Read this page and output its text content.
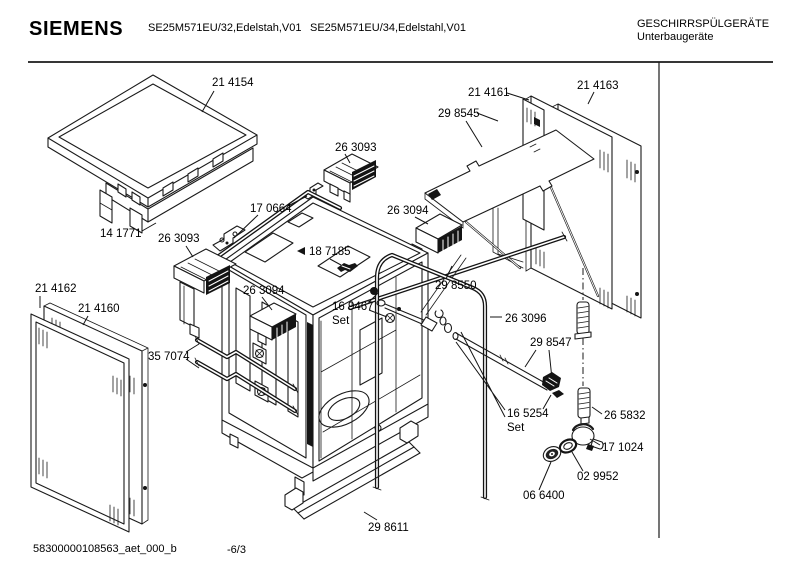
SIEMENS SE25M571EU/32,Edelstah,V01 SE25M571EU/34,Edelstahl,V01	GESCHIRRSPÜLGERÄTE
Unterbaugeräte
21 4154
26 3093
21 4161
29 8545
21 4163
17 0664	26 3094
14 1771 26 3093
18 7185
26 3094
21 4162
21 4160	16 9467
Set
29 8550
26 3096
29 8547
35 7074
16 5254
Set
26 5832
17 1024
02 9952
06 6400
29 8611
58300000108563_aet_000_b	-6/3
